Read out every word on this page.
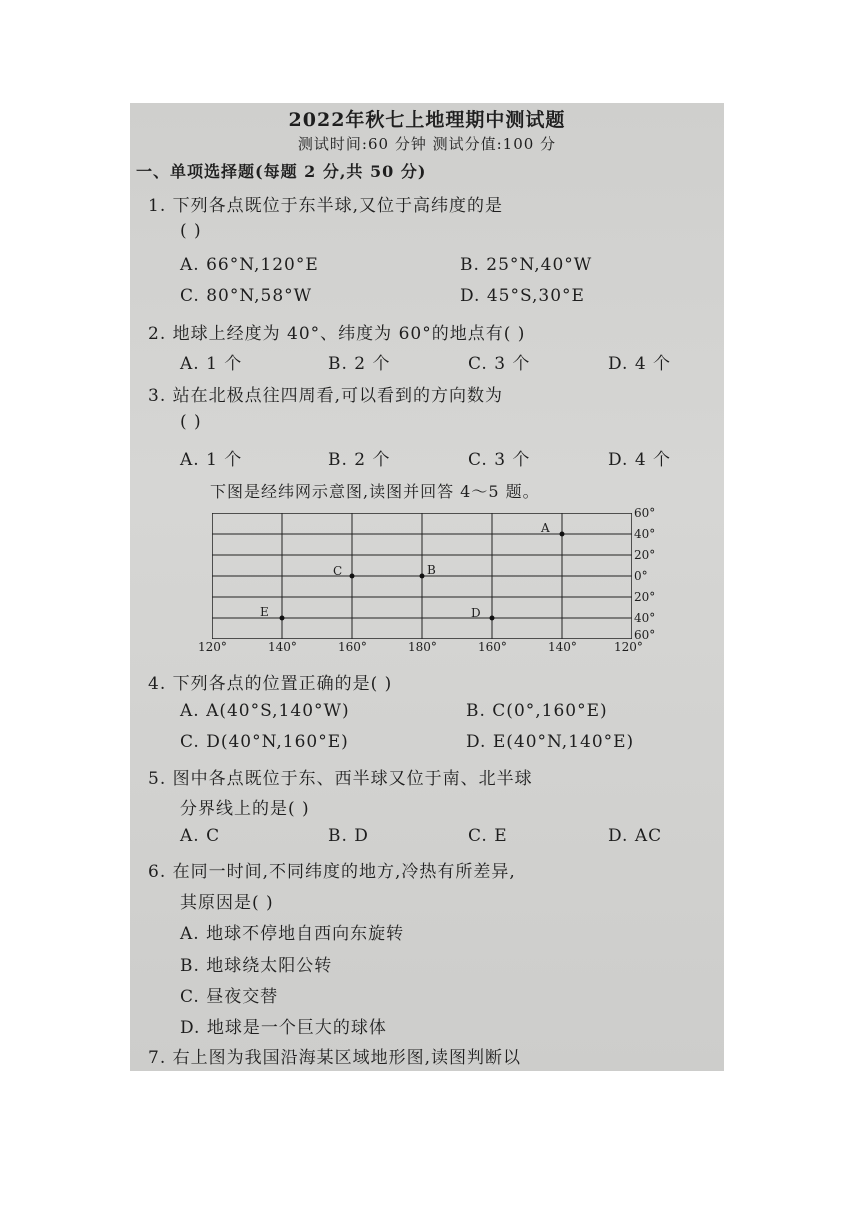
2022年秋七上地理期中测试题
测试时间:60 分钟 测试分值:100 分
一、单项选择题(每题 2 分,共 50 分)
1. 下列各点既位于东半球,又位于高纬度的是
( )
A. 66°N,120°E	B. 25°N,40°W
C. 80°N,58°W	D. 45°S,30°E
2. 地球上经度为 40°、纬度为 60°的地点有( )
A. 1 个	B. 2 个	C. 3 个	D. 4 个
3. 站在北极点往四周看,可以看到的方向数为
( )
A. 1 个	B. 2 个	C. 3 个	D. 4 个
下图是经纬网示意图,读图并回答 4～5 题。
A
B
C
D
E
60°
40°
20°
0°
20°
40°
60°
120°	140°	160°	180°	160°	140°	120°
4. 下列各点的位置正确的是( )
A. A(40°S,140°W)	B. C(0°,160°E)
C. D(40°N,160°E)	D. E(40°N,140°E)
5. 图中各点既位于东、西半球又位于南、北半球
分界线上的是( )
A. C	B. D	C. E	D. AC
6. 在同一时间,不同纬度的地方,冷热有所差异,
其原因是( )
A. 地球不停地自西向东旋转
B. 地球绕太阳公转
C. 昼夜交替
D. 地球是一个巨大的球体
7. 右上图为我国沿海某区域地形图,读图判断以
